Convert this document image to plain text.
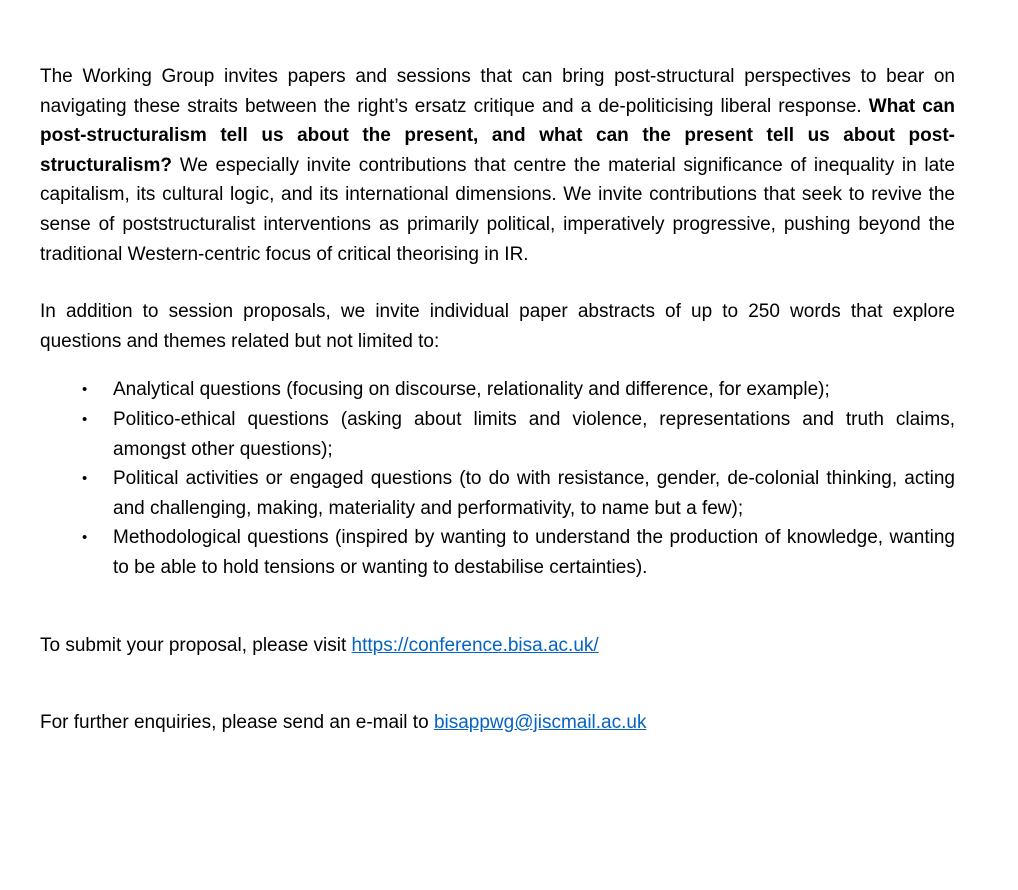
The Working Group invites papers and sessions that can bring post-structural perspectives to bear on navigating these straits between the right’s ersatz critique and a de-politicising liberal response. What can post-structuralism tell us about the present, and what can the present tell us about post-structuralism? We especially invite contributions that centre the material significance of inequality in late capitalism, its cultural logic, and its international dimensions. We invite contributions that seek to revive the sense of poststructuralist interventions as primarily political, imperatively progressive, pushing beyond the traditional Western-centric focus of critical theorising in IR.

In addition to session proposals, we invite individual paper abstracts of up to 250 words that explore questions and themes related but not limited to:

• Analytical questions (focusing on discourse, relationality and difference, for example);
• Politico-ethical questions (asking about limits and violence, representations and truth claims, amongst other questions);
• Political activities or engaged questions (to do with resistance, gender, de-colonial thinking, acting and challenging, making, materiality and performativity, to name but a few);
• Methodological questions (inspired by wanting to understand the production of knowledge, wanting to be able to hold tensions or wanting to destabilise certainties).

To submit your proposal, please visit https://conference.bisa.ac.uk/

For further enquiries, please send an e-mail to bisappwg@jiscmail.ac.uk
